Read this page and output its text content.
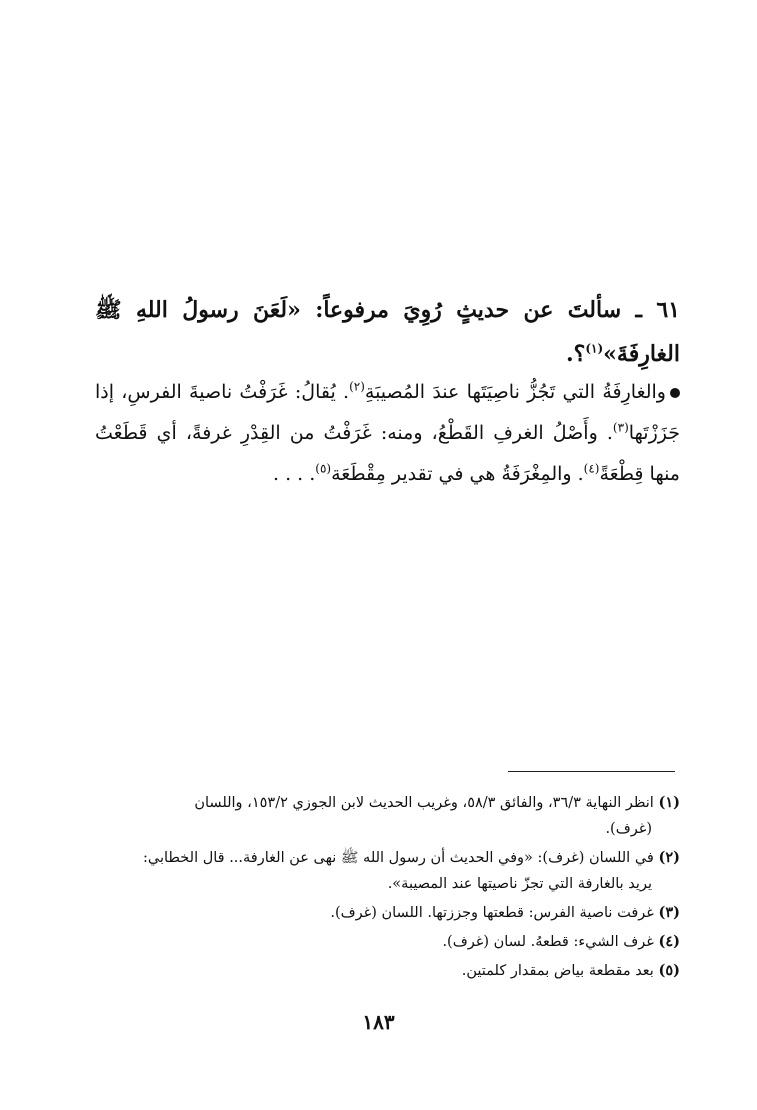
٦١ ـ سألتَ عن حديثٍ رُوِيَ مرفوعاً: «لَعَنَ رسولُ اللهِ ﷺ الغارِفَةَ»$^{(١)}$؟.
والغارِفَةُ التي تَجُزُّ ناصِيَتَها عندَ المُصيبَةِ$^{(٢)}$. يُقالُ: غَرَفْتُ ناصيةَ الفرسِ، إذا جَزَزْتَها$^{(٣)}$. وأَصْلُ الغرفِ القَطْعُ، ومنه: غَرَفْتُ من القِدْرِ غرفةً، أي قَطَعْتُ منها قِطْعَةً$^{(٤)}$. والمِغْرَفَةُ هي في تقدير مِقْطَعَة$^{(٥)}$. . . .
(١) انظر النهاية ٣٦/٣، والفائق ٥٨/٣، وغريب الحديث لابن الجوزي ١٥٣/٢، واللسان
(غرف).
(٢) في اللسان (غرف): «وفي الحديث أن رسول الله ﷺ نهى عن الغارفة... قال الخطابي:
يريد بالغارفة التي تجزّ ناصيتها عند المصيبة».
(٣) غرفت ناصية الفرس: قطعتها وجززتها. اللسان (غرف).
(٤) غرف الشيء: قطعهُ. لسان (غرف).
(٥) بعد مقطعة بياض بمقدار كلمتين.
١٨٣
